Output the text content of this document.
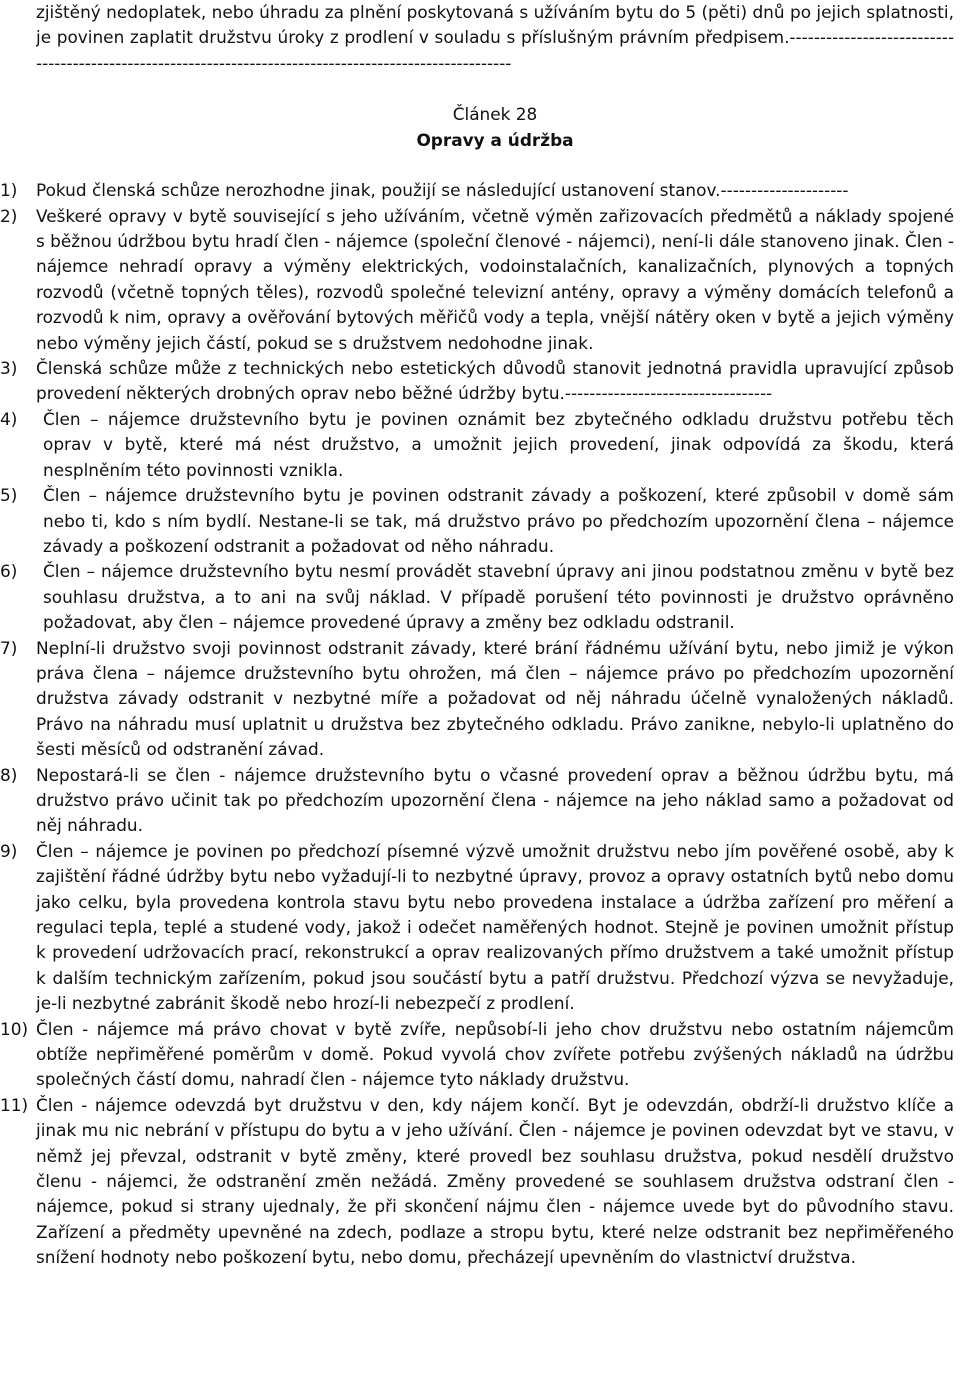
zjištěný nedoplatek, nebo úhradu za plnění poskytovaná s užíváním bytu do 5 (pěti) dnů po jejich splatnosti, je povinen zaplatit družstvu úroky z prodlení v souladu s příslušným právním předpisem.---------------------------------------------------------------------------------------------------------

Článek 28
Opravy a údržba
1)	Pokud členská schůze nerozhodne jinak, použijí se následující ustanovení stanov.---------------------
2)	Veškeré opravy v bytě související s jeho užíváním, včetně výměn zařizovacích předmětů a náklady spojené s běžnou údržbou bytu hradí člen - nájemce (společní členové - nájemci), není-li dále stanoveno jinak. Člen - nájemce nehradí opravy a výměny elektrických, vodoinstalačních, kanalizačních, plynových a topných rozvodů (včetně topných těles), rozvodů společné televizní antény, opravy a výměny domácích telefonů a rozvodů k nim, opravy a ověřování bytových měřičů vody a tepla, vnější nátěry oken v bytě a jejich výměny nebo výměny jejich částí, pokud se s družstvem nedohodne jinak.
3)	Členská schůze může z technických nebo estetických důvodů stanovit jednotná pravidla upravující způsob provedení některých drobných oprav nebo běžné údržby bytu.----------------------------------
4)	Člen – nájemce družstevního bytu je povinen oznámit bez zbytečného odkladu družstvu potřebu těch oprav v bytě, které má nést družstvo, a umožnit jejich provedení, jinak odpovídá za škodu, která nesplněním této povinnosti vznikla.
5)	Člen – nájemce družstevního bytu je povinen odstranit závady a poškození, které způsobil v domě sám nebo ti, kdo s ním bydlí. Nestane-li se tak, má družstvo právo po předchozím upozornění člena – nájemce závady a poškození odstranit a požadovat od něho náhradu.
6)	Člen – nájemce družstevního bytu nesmí provádět stavební úpravy ani jinou podstatnou změnu v bytě bez souhlasu družstva, a to ani na svůj náklad. V případě porušení této povinnosti je družstvo oprávněno požadovat, aby člen – nájemce provedené úpravy a změny bez odkladu odstranil.
7)	Neplní-li družstvo svoji povinnost odstranit závady, které brání řádnému užívání bytu, nebo jimiž je výkon práva člena – nájemce družstevního bytu ohrožen, má člen – nájemce právo po předchozím upozornění družstva závady odstranit v nezbytné míře a požadovat od něj náhradu účelně vynaložených nákladů. Právo na náhradu musí uplatnit u družstva bez zbytečného odkladu. Právo zanikne, nebylo-li uplatněno do šesti měsíců od odstranění závad.
8)	Nepostará-li se člen - nájemce družstevního bytu o včasné provedení oprav a běžnou údržbu bytu, má družstvo právo učinit tak po předchozím upozornění člena - nájemce na jeho náklad samo a požadovat od něj náhradu.
9)	Člen – nájemce je povinen po předchozí písemné výzvě umožnit družstvu nebo jím pověřené osobě, aby k zajištění řádné údržby bytu nebo vyžadují-li to nezbytné úpravy, provoz a opravy ostatních bytů nebo domu jako celku, byla provedena kontrola stavu bytu nebo provedena instalace a údržba zařízení pro měření a regulaci tepla, teplé a studené vody, jakož i odečet naměřených hodnot. Stejně je povinen umožnit přístup k provedení udržovacích prací, rekonstrukcí a oprav realizovaných přímo družstvem a také umožnit přístup k dalším technickým zařízením, pokud jsou součástí bytu a patří družstvu. Předchozí výzva se nevyžaduje, je-li nezbytné zabránit škodě nebo hrozí-li nebezpečí z prodlení.
10) Člen - nájemce má právo chovat v bytě zvíře, nepůsobí-li jeho chov družstvu nebo ostatním nájemcům obtíže nepřiměřené poměrům v domě. Pokud vyvolá chov zvířete potřebu zvýšených nákladů na údržbu společných částí domu, nahradí člen - nájemce tyto náklady družstvu.
11) Člen - nájemce odevzdá byt družstvu v den, kdy nájem končí. Byt je odevzdán, obdrží-li družstvo klíče a jinak mu nic nebrání v přístupu do bytu a v jeho užívání. Člen - nájemce je povinen odevzdat byt ve stavu, v němž jej převzal, odstranit v bytě změny, které provedl bez souhlasu družstva, pokud nesdělí družstvo členu - nájemci, že odstranění změn nežádá. Změny provedené se souhlasem družstva odstraní člen - nájemce, pokud si strany ujednaly, že při skončení nájmu člen - nájemce uvede byt do původního stavu. Zařízení a předměty upevněné na zdech, podlaze a stropu bytu, které nelze odstranit bez nepřiměřeného snížení hodnoty nebo poškození bytu, nebo domu, přecházejí upevněním do vlastnictví družstva.
